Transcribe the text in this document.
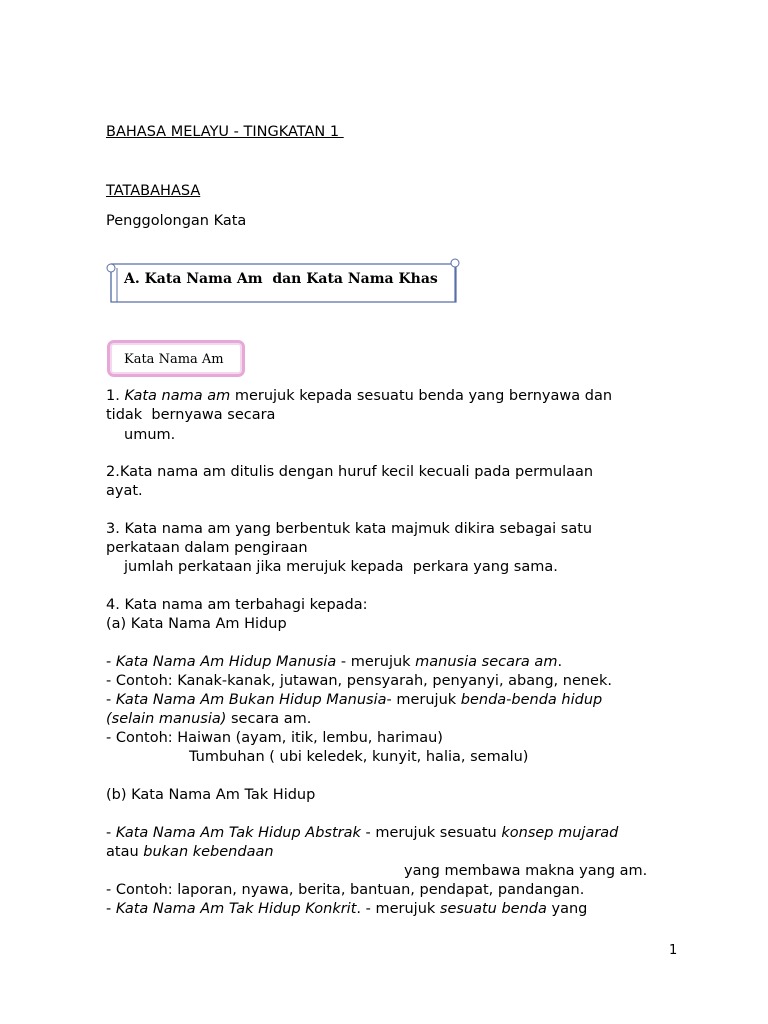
BAHASA MELAYU - TINGKATAN 1
TATABAHASA
Penggolongan Kata
A. Kata Nama Am  dan Kata Nama Khas
Kata Nama Am
1. Kata nama am merujuk kepada sesuatu benda yang bernyawa dan
tidak  bernyawa secara
umum.
2.Kata nama am ditulis dengan huruf kecil kecuali pada permulaan
ayat.
3. Kata nama am yang berbentuk kata majmuk dikira sebagai satu
perkataan dalam pengiraan
jumlah perkataan jika merujuk kepada  perkara yang sama.
4. Kata nama am terbahagi kepada:
(a) Kata Nama Am Hidup
- Kata Nama Am Hidup Manusia - merujuk manusia secara am.
- Contoh: Kanak-kanak, jutawan, pensyarah, penyanyi, abang, nenek.
- Kata Nama Am Bukan Hidup Manusia- merujuk benda-benda hidup
(selain manusia) secara am.
- Contoh: Haiwan (ayam, itik, lembu, harimau)
Tumbuhan ( ubi keledek, kunyit, halia, semalu)
(b) Kata Nama Am Tak Hidup
- Kata Nama Am Tak Hidup Abstrak - merujuk sesuatu konsep mujarad
atau bukan kebendaan
yang membawa makna yang am.
- Contoh: laporan, nyawa, berita, bantuan, pendapat, pandangan.
- Kata Nama Am Tak Hidup Konkrit. - merujuk sesuatu benda yang
1
